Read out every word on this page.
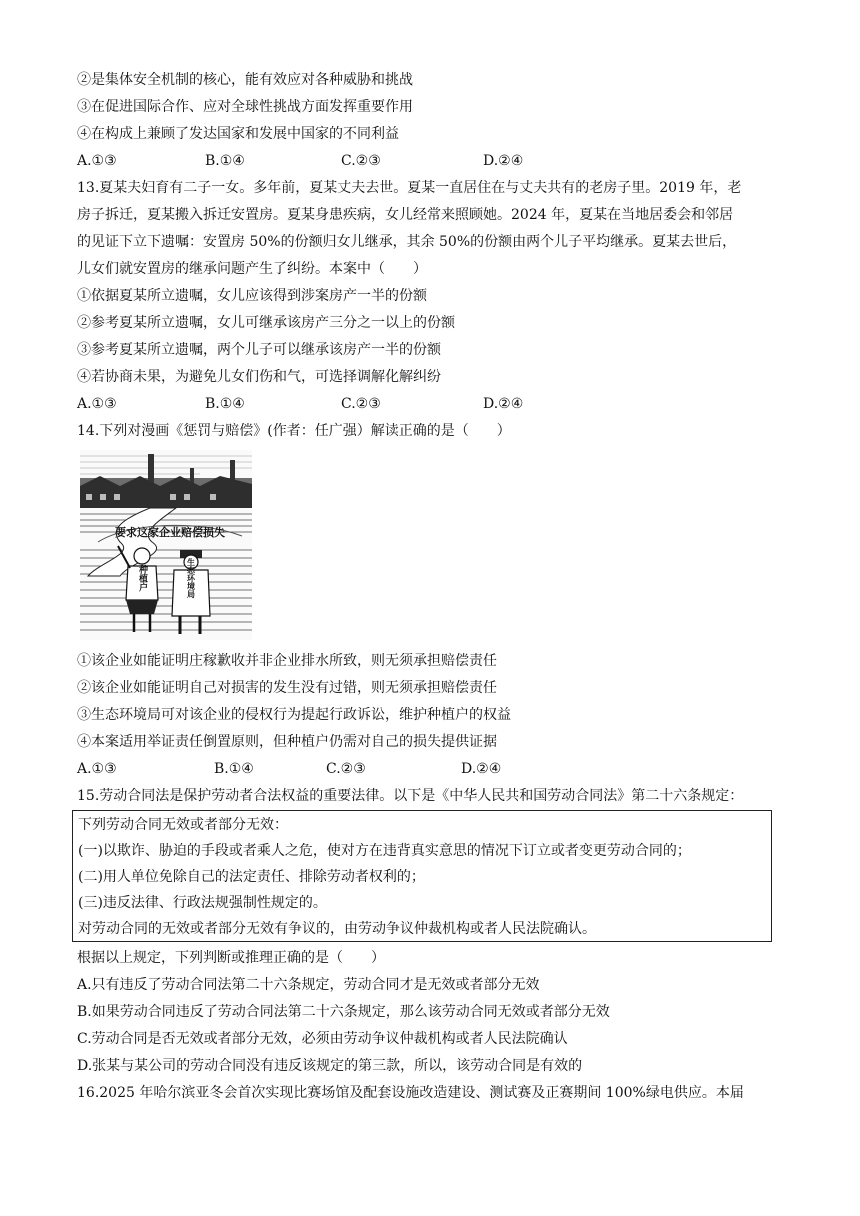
②是集体安全机制的核心，能有效应对各种威胁和挑战
③在促进国际合作、应对全球性挑战方面发挥重要作用
④在构成上兼顾了发达国家和发展中国家的不同利益
A.①③	B.①④	C.②③	D.②④
13.夏某夫妇育有二子一女。多年前，夏某丈夫去世。夏某一直居住在与丈夫共有的老房子里。2019 年，老
房子拆迁，夏某搬入拆迁安置房。夏某身患疾病，女儿经常来照顾她。2024 年，夏某在当地居委会和邻居
的见证下立下遗嘱：安置房 50%的份额归女儿继承，其余 50%的份额由两个儿子平均继承。夏某去世后，
儿女们就安置房的继承问题产生了纠纷。本案中（　　）
①依据夏某所立遗嘱，女儿应该得到涉案房产一半的份额
②参考夏某所立遗嘱，女儿可继承该房产三分之一以上的份额
③参考夏某所立遗嘱，两个儿子可以继承该房产一半的份额
④若协商未果，为避免儿女们伤和气，可选择调解化解纠纷
A.①③	B.①④	C.②③	D.②④
14.下列对漫画《惩罚与赔偿》(作者：任广强）解读正确的是（　　）
要求这家企业赔偿损失
种植户	生态环境局
①该企业如能证明庄稼歉收并非企业排水所致，则无须承担赔偿责任
②该企业如能证明自己对损害的发生没有过错，则无须承担赔偿责任
③生态环境局可对该企业的侵权行为提起行政诉讼，维护种植户的权益
④本案适用举证责任倒置原则，但种植户仍需对自己的损失提供证据
A.①③	B.①④	C.②③	D.②④
15.劳动合同法是保护劳动者合法权益的重要法律。以下是《中华人民共和国劳动合同法》第二十六条规定：
下列劳动合同无效或者部分无效：
(一)以欺诈、胁迫的手段或者乘人之危，使对方在违背真实意思的情况下订立或者变更劳动合同的；
(二)用人单位免除自己的法定责任、排除劳动者权利的；
(三)违反法律、行政法规强制性规定的。
对劳动合同的无效或者部分无效有争议的，由劳动争议仲裁机构或者人民法院确认。
根据以上规定，下列判断或推理正确的是（　　）
A.只有违反了劳动合同法第二十六条规定，劳动合同才是无效或者部分无效
B.如果劳动合同违反了劳动合同法第二十六条规定，那么该劳动合同无效或者部分无效
C.劳动合同是否无效或者部分无效，必须由劳动争议仲裁机构或者人民法院确认
D.张某与某公司的劳动合同没有违反该规定的第三款，所以，该劳动合同是有效的
16.2025 年哈尔滨亚冬会首次实现比赛场馆及配套设施改造建设、测试赛及正赛期间 100%绿电供应。本届
